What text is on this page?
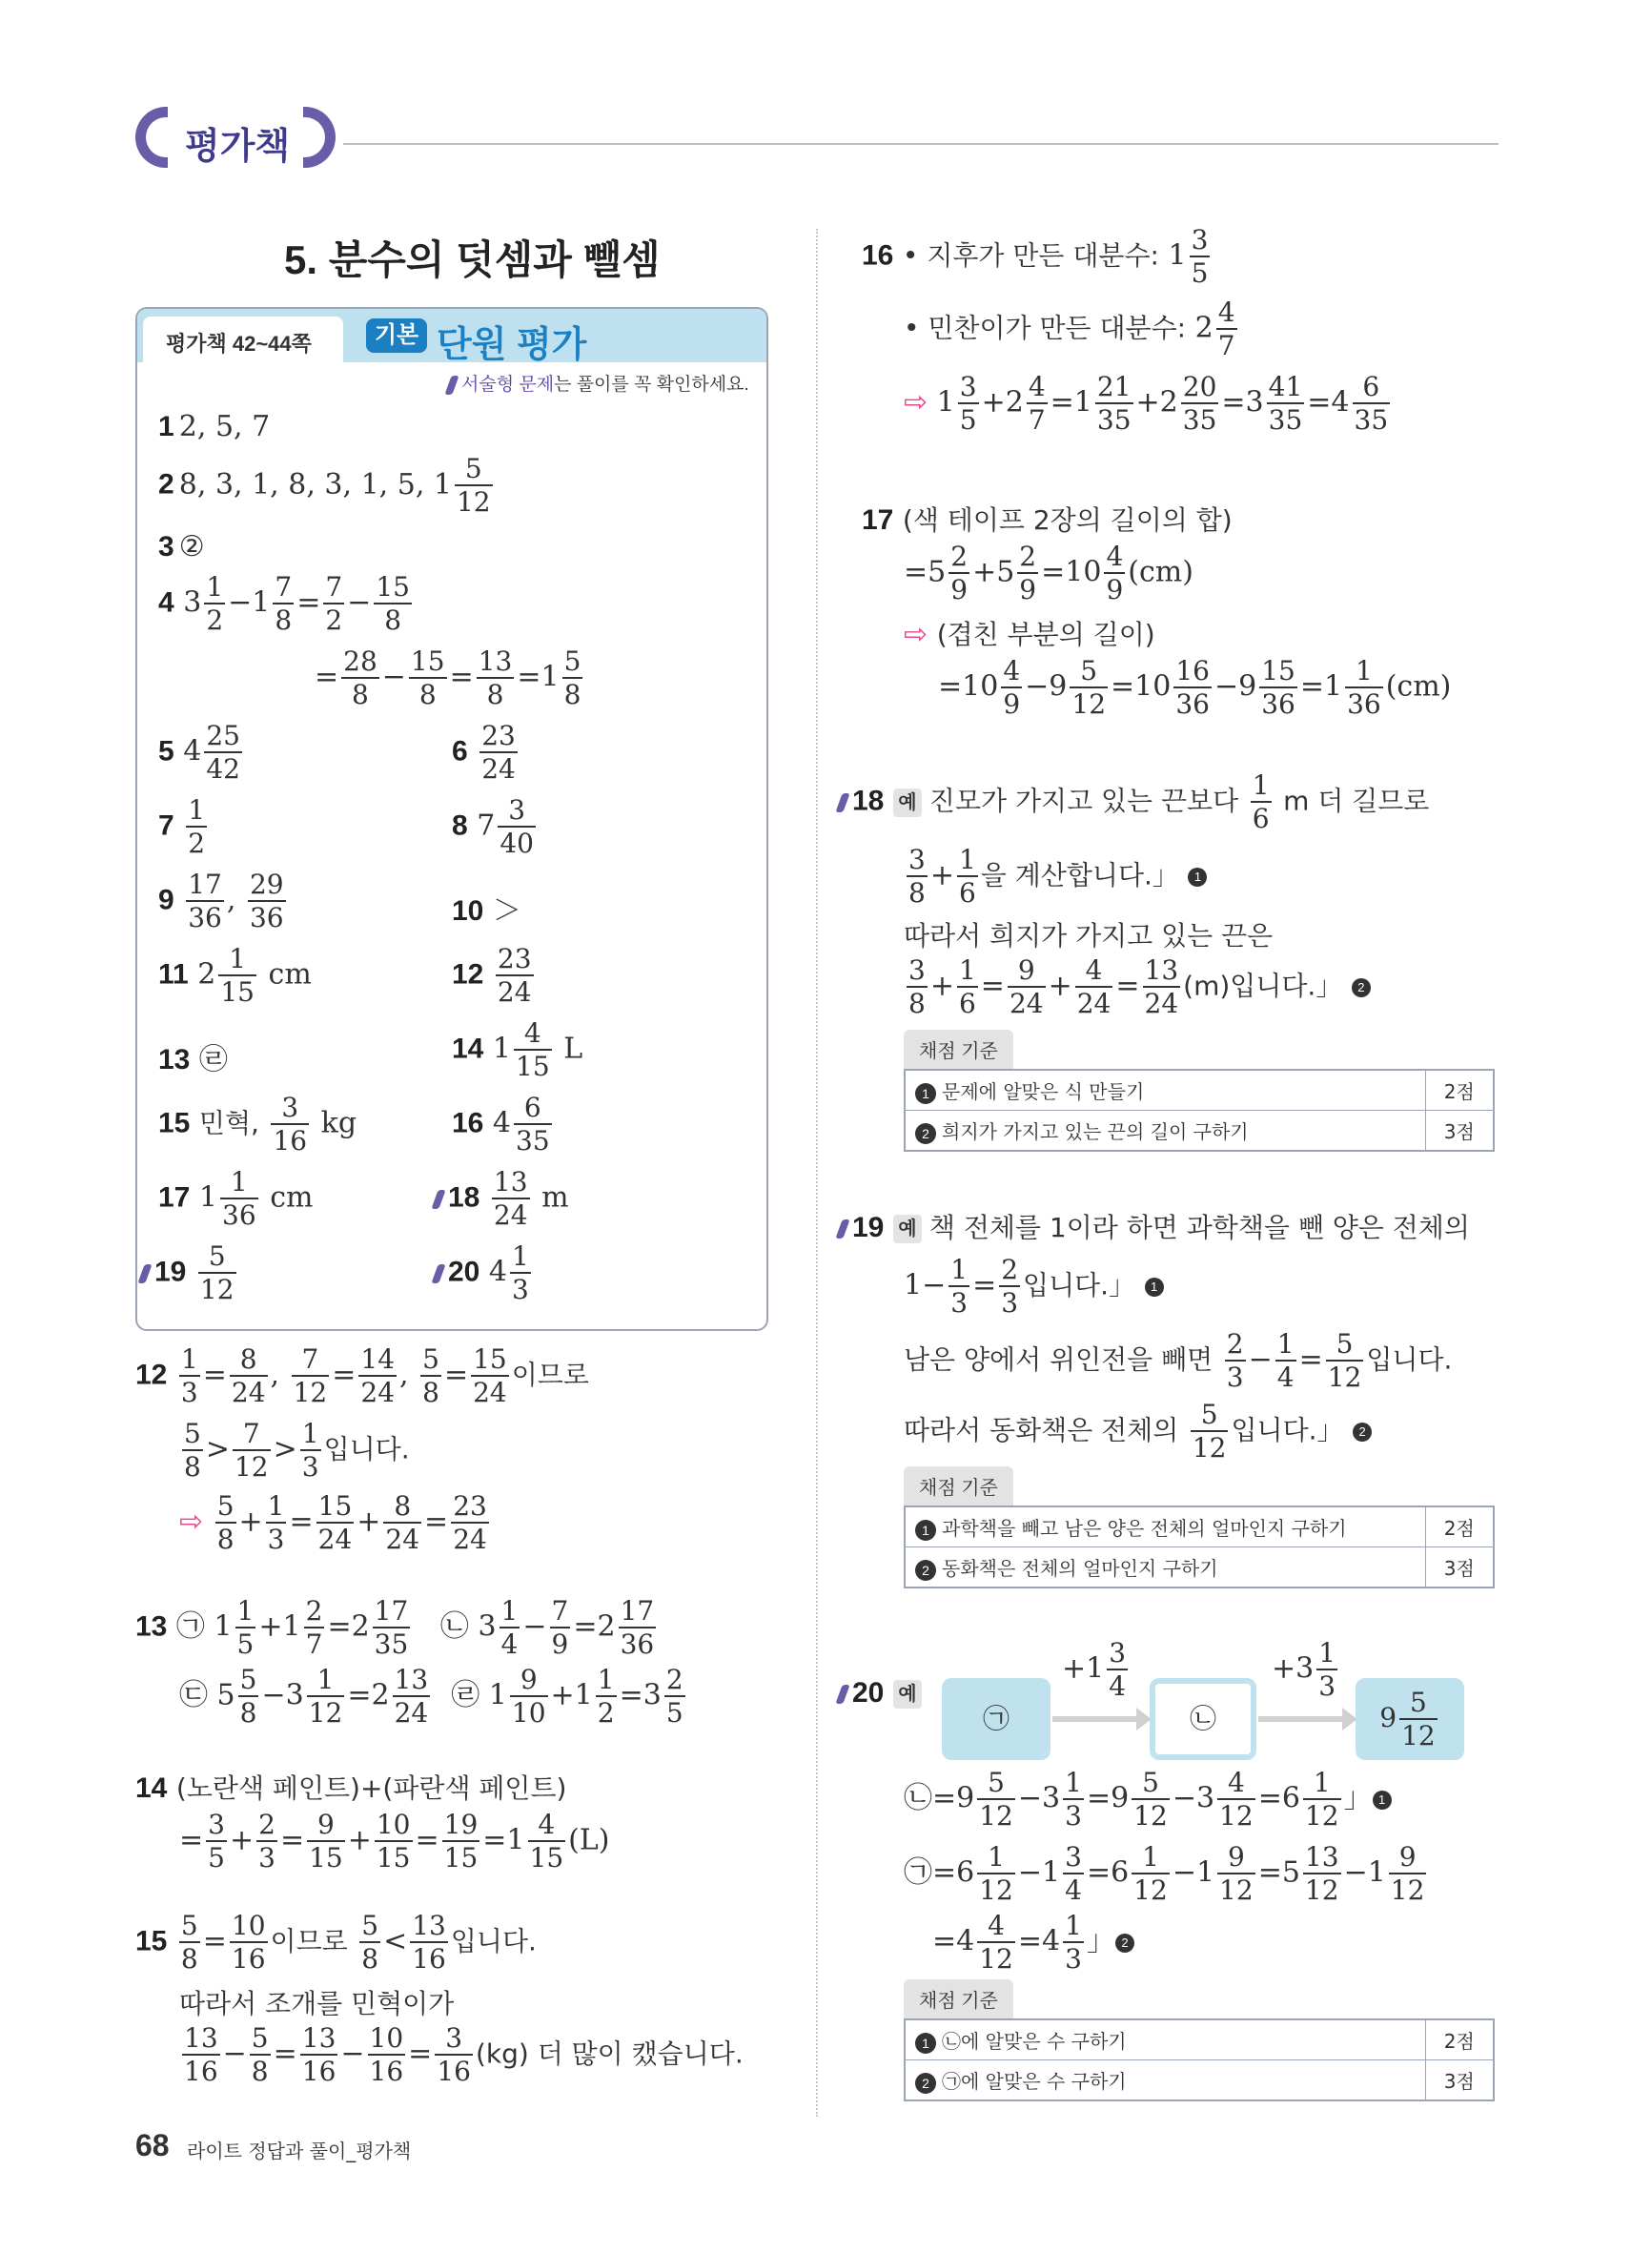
평가책
5. 분수의 덧셈과 뺄셈
평가책 42~44쪽	기본 단원 평가
서술형 문제는 풀이를 꼭 확인하세요.
1 2, 5, 7
2 8, 3, 1, 8, 3, 1, 5, $1 \frac{5}{12}$
3 ②
4 $3 \frac{1}{2} -1 \frac{7}{8} = \frac{7}{2} - \frac{15}{8}$
= $\frac{28}{8} - \frac{15}{8} = \frac{13}{8} =1 \frac{5}{8}$
5 $4 \frac{25}{42}$	$6 \frac{23}{24}$
$7 \frac{1}{2}$	8 $7 \frac{3}{40}$
$9 \frac{17}{36}$ , $\frac{29}{36}$	10 ＞
11 $2 \frac{1}{15}$ cm	$12 \frac{23}{24}$
13 ㉣	14 $1 \frac{4}{15}$ L
15 민혁, $\frac{3}{16}$ kg	16 $4 \frac{6}{35}$
17 $1 \frac{1}{36}$ cm	$18 \frac{13}{24}$ m
$19 \frac{5}{12}$	20 $4 \frac{1}{3}$
$12 \frac{1}{3} = \frac{8}{24}$ , $\frac{7}{12} = \frac{14}{24}$ , $\frac{5}{8} = \frac{15}{24}$ 이므로
$\frac{5}{8} > \frac{7}{12} > \frac{1}{3}$ 입니다.
⇨ $\frac{5}{8} + \frac{1}{3} = \frac{15}{24} + \frac{8}{24} = \frac{23}{24}$
13 ㉠ $1 \frac{1}{5} +1 \frac{2}{7} =2 \frac{17}{35}$ ㉡ $3 \frac{1}{4} - \frac{7}{9} =2 \frac{17}{36}$
㉢ $5 \frac{5}{8} -3 \frac{1}{12} =2 \frac{13}{24}$ ㉣ $1 \frac{9}{10} +1 \frac{1}{2} =3 \frac{2}{5}$
14 (노란색 페인트)+(파란색 페인트)
= $\frac{3}{5} + \frac{2}{3} = \frac{9}{15} + \frac{10}{15} = \frac{19}{15} =1 \frac{4}{15} (L)$
$15 \frac{5}{8} = \frac{10}{16}$ 이므로 $\frac{5}{8} < \frac{13}{16}$ 입니다.
따라서 조개를 민혁이가
$\frac{13}{16} - \frac{5}{8} = \frac{13}{16} - \frac{10}{16} = \frac{3}{16} (kg)$ 더 많이 캤습니다.
16 • 지후가 만든 대분수: $1 \frac{3}{5}$
• 민찬이가 만든 대분수: $2 \frac{4}{7}$
⇨ $1 \frac{3}{5} +2 \frac{4}{7} =1 \frac{21}{35} +2 \frac{20}{35} =3 \frac{41}{35} =4 \frac{6}{35}$
17 (색 테이프 2장의 길이의 합)
$=5 \frac{2}{9} +5 \frac{2}{9} =10 \frac{4}{9} (cm)$
⇨ (겹친 부분의 길이)
$=10 \frac{4}{9} -9 \frac{5}{12} =10 \frac{16}{36} -9 \frac{15}{36} =1 \frac{1}{36} (cm)$
18 예 진모가 가지고 있는 끈보다 $\frac{1}{6}$ m 더 길므로
$\frac{3}{8} + \frac{1}{6}$ 을 계산합니다.」 1
따라서 희지가 가지고 있는 끈은
$\frac{3}{8} + \frac{1}{6} = \frac{9}{24} + \frac{4}{24} = \frac{13}{24} (m)$입니다.」 2
채점 기준
1 문제에 알맞은 식 만들기	2점
2 희지가 가지고 있는 끈의 길이 구하기	3점
19 예 책 전체를 1이라 하면 과학책을 뺀 양은 전체의
$1- \frac{1}{3} = \frac{2}{3}$ 입니다.」 1
남은 양에서 위인전을 빼면 $\frac{2}{3} - \frac{1}{4} = \frac{5}{12}$ 입니다.
따라서 동화책은 전체의 $\frac{5}{12}$ 입니다.」 2
채점 기준
1 과학책을 빼고 남은 양은 전체의 얼마인지 구하기	2점
2 동화책은 전체의 얼마인지 구하기	3점
20 예
$+1 \frac{3}{4}$	$+3 \frac{1}{3}$
㉠	㉡	$9 \frac{5}{12}$
㉡=9 $\frac{5}{12} -3 \frac{1}{3} =9 \frac{5}{12} -3 \frac{4}{12} =6 \frac{1}{12}$ 」 1
㉠=6 $\frac{1}{12} -1 \frac{3}{4} =6 \frac{1}{12} -1 \frac{9}{12} =5 \frac{13}{12} -1 \frac{9}{12}$
$=4 \frac{4}{12} =4 \frac{1}{3}$ 」 2
채점 기준
1 ㉡에 알맞은 수 구하기	2점
2 ㉠에 알맞은 수 구하기	3점
68 라이트 정답과 풀이_평가책
